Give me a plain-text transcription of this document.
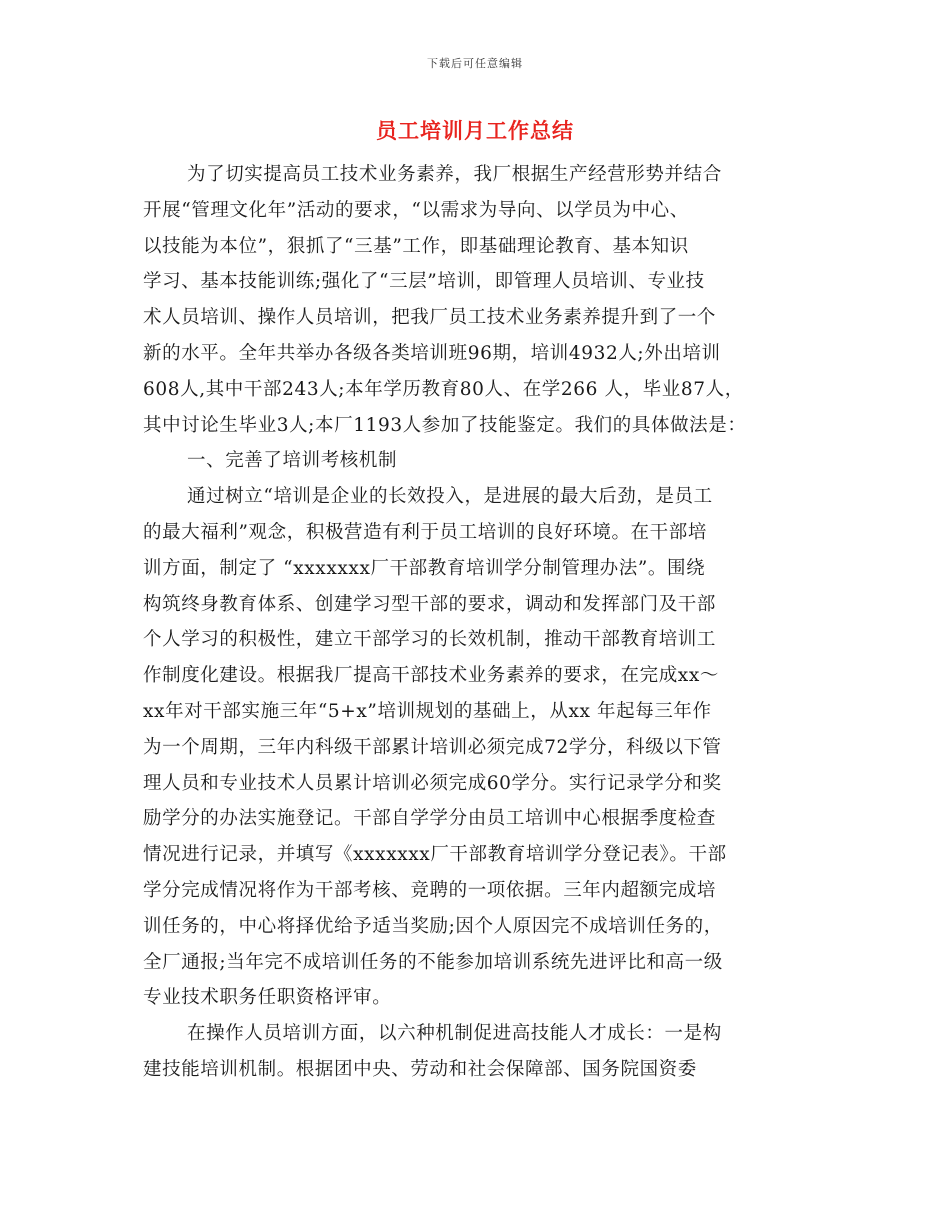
下载后可任意编辑
员工培训月工作总结
为了切实提高员工技术业务素养，我厂根据生产经营形势并结合
开展“管理文化年”活动的要求，“以需求为导向、以学员为中心、
以技能为本位”，狠抓了“三基”工作，即基础理论教育、基本知识
学习、基本技能训练;强化了“三层”培训，即管理人员培训、专业技
术人员培训、操作人员培训，把我厂员工技术业务素养提升到了一个
新的水平。全年共举办各级各类培训班96期，培训4932人;外出培训
608人,其中干部243人;本年学历教育80人、在学266 人，毕业87人，
其中讨论生毕业3人;本厂1193人参加了技能鉴定。我们的具体做法是：
一、完善了培训考核机制
通过树立“培训是企业的长效投入，是进展的最大后劲，是员工
的最大福利”观念，积极营造有利于员工培训的良好环境。在干部培
训方面，制定了 “xxxxxxx厂干部教育培训学分制管理办法”。围绕
构筑终身教育体系、创建学习型干部的要求，调动和发挥部门及干部
个人学习的积极性，建立干部学习的长效机制，推动干部教育培训工
作制度化建设。根据我厂提高干部技术业务素养的要求，在完成xx～
xx年对干部实施三年“5+x”培训规划的基础上，从xx 年起每三年作
为一个周期，三年内科级干部累计培训必须完成72学分，科级以下管
理人员和专业技术人员累计培训必须完成60学分。实行记录学分和奖
励学分的办法实施登记。干部自学学分由员工培训中心根据季度检查
情况进行记录，并填写《xxxxxxx厂干部教育培训学分登记表》。干部
学分完成情况将作为干部考核、竞聘的一项依据。三年内超额完成培
训任务的，中心将择优给予适当奖励;因个人原因完不成培训任务的，
全厂通报;当年完不成培训任务的不能参加培训系统先进评比和高一级
专业技术职务任职资格评审。
在操作人员培训方面，以六种机制促进高技能人才成长：一是构
建技能培训机制。根据团中央、劳动和社会保障部、国务院国资委
